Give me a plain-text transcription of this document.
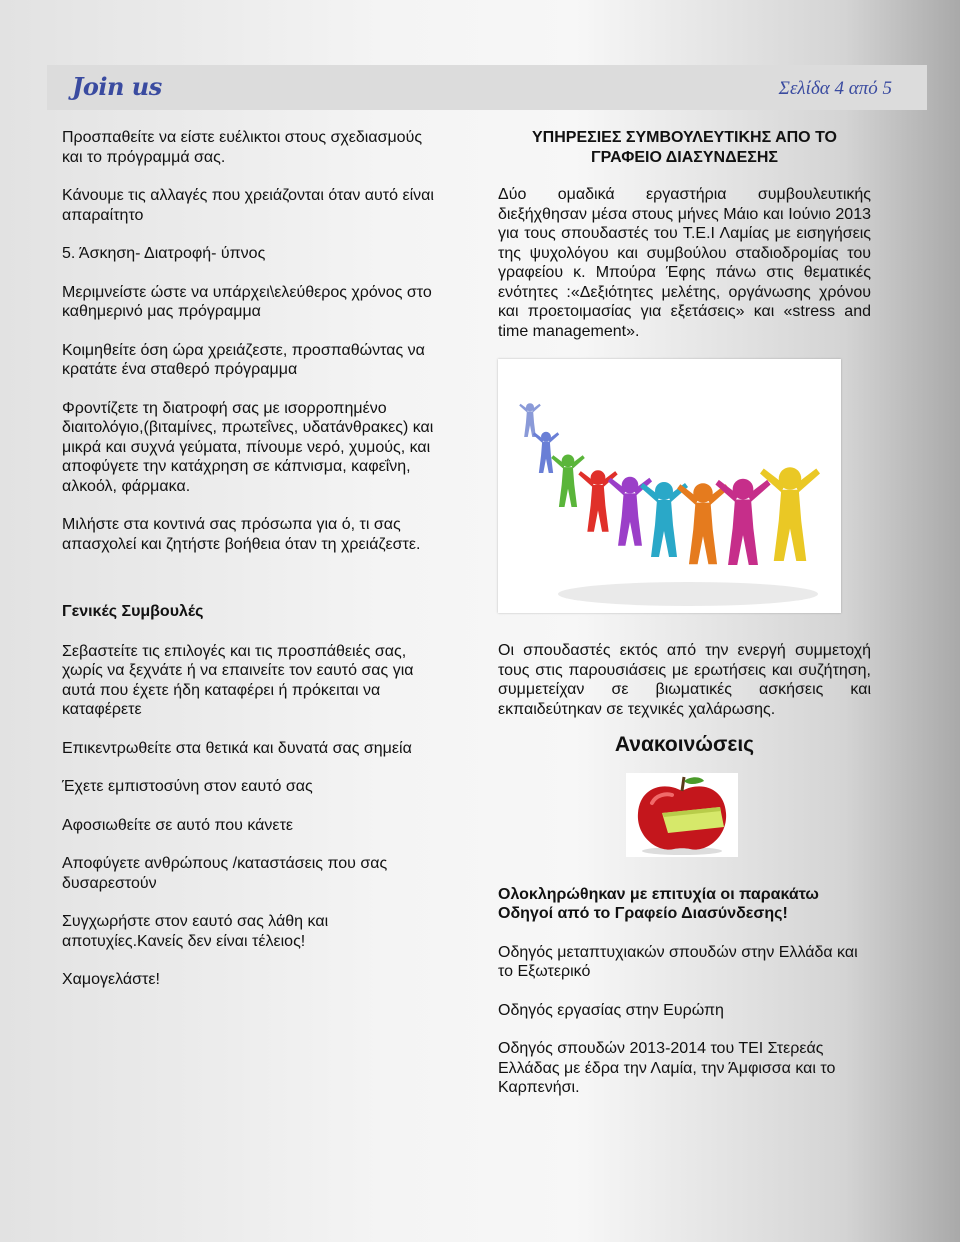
Join us	Σελίδα 4 από 5

Προσπαθείτε να είστε ευέλικτοι στους σχεδιασμούς και το πρόγραμμά σας.

Κάνουμε τις αλλαγές που χρειάζονται όταν αυτό είναι απαραίτητο

5. Άσκηση- Διατροφή- ύπνος

Μεριμνείστε ώστε να υπάρχει\ελεύθερος χρόνος στο καθημερινό μας πρόγραμμα

Κοιμηθείτε όση ώρα χρειάζεστε, προσπαθώντας να κρατάτε ένα σταθερό πρόγραμμα

Φροντίζετε τη διατροφή σας με ισορροπημένο διαιτολόγιο,(βιταμίνες, πρωτεΐνες, υδατάνθρακες) και μικρά και συχνά γεύματα, πίνουμε νερό, χυμούς, και αποφύγετε την κατάχρηση σε κάπνισμα, καφεΐνη, αλκοόλ, φάρμακα.

Μιλήστε στα κοντινά σας πρόσωπα για ό, τι σας απασχολεί και ζητήστε βοήθεια όταν τη χρειάζεστε.

Γενικές Συμβουλές

Σεβαστείτε τις επιλογές και τις προσπάθειές σας, χωρίς να ξεχνάτε ή να επαινείτε τον εαυτό σας για αυτά που έχετε ήδη καταφέρει ή πρόκειται να καταφέρετε

Επικεντρωθείτε στα θετικά και δυνατά σας σημεία

Έχετε εμπιστοσύνη στον εαυτό σας

Αφοσιωθείτε σε αυτό που κάνετε

Αποφύγετε ανθρώπους /καταστάσεις που σας δυσαρεστούν

Συγχωρήστε στον εαυτό σας λάθη και αποτυχίες.Κανείς δεν είναι τέλειος!

Χαμογελάστε!

ΥΠΗΡΕΣΙΕΣ ΣΥΜΒΟΥΛΕΥΤΙΚΗΣ ΑΠΟ ΤΟ ΓΡΑΦΕΙΟ ΔΙΑΣΥΝΔΕΣΗΣ

Δύο ομαδικά εργαστήρια συμβουλευτικής διεξήχθησαν μέσα στους μήνες Μάιο και Ιούνιο 2013 για τους σπουδαστές του Τ.Ε.Ι Λαμίας με εισηγήσεις της ψυχολόγου και συμβούλου σταδιοδρομίας του γραφείου κ. Μπούρα Έφης πάνω στις θεματικές ενότητες :«Δεξιότητες μελέτης, οργάνωσης χρόνου και προετοιμασίας για εξετάσεις» και «stress and time management».

Οι σπουδαστές εκτός από την ενεργή συμμετοχή τους στις παρουσιάσεις με ερωτήσεις και συζήτηση, συμμετείχαν σε βιωματικές ασκήσεις και εκπαιδεύτηκαν σε τεχνικές χαλάρωσης.

Ανακοινώσεις

Ολοκληρώθηκαν με επιτυχία οι παρακάτω Οδηγοί από το Γραφείο Διασύνδεσης!

Οδηγός μεταπτυχιακών σπουδών στην Ελλάδα και το Εξωτερικό

Οδηγός εργασίας στην Ευρώπη

Οδηγός σπουδών 2013-2014 του ΤΕΙ Στερεάς Ελλάδας με έδρα την Λαμία, την Άμφισσα και το Καρπενήσι.
